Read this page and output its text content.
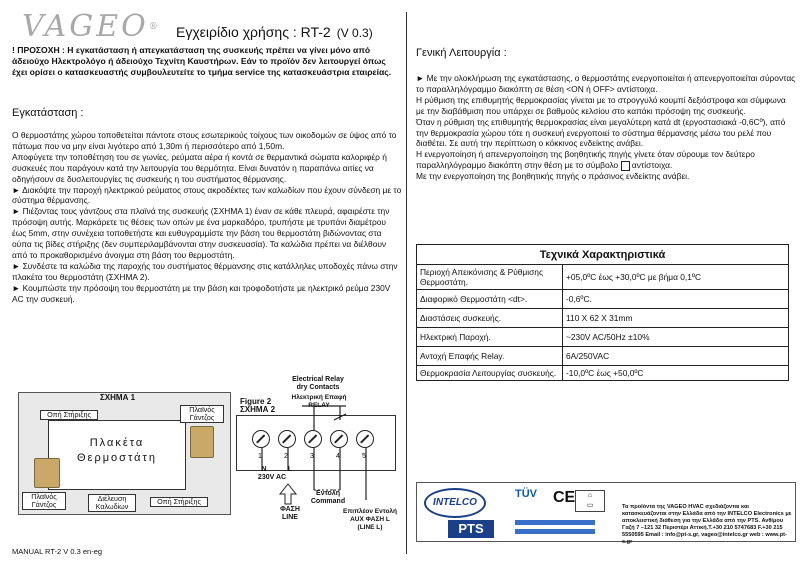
VAGEO® Εγχειρίδιο χρήσης : RT-2 (V 0.3)
! ΠΡΟΣΟΧΗ : Η εγκατάσταση ή απεγκατάσταση της συσκευής πρέπει να γίνει μόνο από άδειούχο Ηλεκτρολόγο ή άδειούχο Τεχνίτη Καυστήρων. Εάν το προϊόν δεν λειτουργεί όπως έχει ορίσει ο κατασκευαστής συμβουλευτείτε το τμήμα service της κατασκευάστρια εταιρείας.
Εγκατάσταση :

Ο θερμοστάτης χώρου τοποθετείται πάντοτε στους εσωτερικούς τοίχους των οικοδομών σε ύψος από το πάτωμα που να μην είναι λιγότερο από 1,30m ή περισσότερο από 1,50m.

Αποφύγετε την τοποθέτηση του σε γωνίες, ρεύματα αέρα ή κοντά σε θερμαντικά σώματα καλοριφέρ ή συσκευές που παράγουν κατά την λειτουργία του θερμότητα. Είναι δυνατόν η παραπάνω αιτίες να οδηγήσουν σε δυσλειτουργίες τις συσκευής η του συστήματος θέρμανσης.

► Διακόψτε την παροχή ηλεκτρικού ρεύματος στους ακροδέκτες των καλωδίων που έχουν σύνδεση με το σύστημα θέρμανσης.

► Πιέζοντας τους γάντζους στα πλαϊνά της συσκευής (ΣΧΗΜΑ 1) έναν σε κάθε πλευρά, αφαιρέστε την πρόσοψη αυτής. Μαρκάρετε τις θέσεις των οπών με ένα μαρκαδόρο, τρυπήστε με τρυπάνι διαμέτρου έως 5mm, στην συνέχεια τοποθετήστε και ευθυγραμμίστε την βάση του θερμοστάτη βιδώνοντας στα ούπα τις βίδες στήριξης (δεν συμπεριλαμβάνονται στην συσκευασία). Τα καλώδια πρέπει να διέλθουν από το προκαθορισμένο άνοιγμα στη βάση του θερμοστάτη.

► Συνδέστε τα καλώδια της παροχής του συστήματος θέρμανσης στις κατάλληλες υποδοχές πάνω στην πλακέτα του θερμοστάτη (ΣΧΗΜΑ 2).

► Κουμπώστε την πρόσοψη του θερμοστάτη με την βάση και τροφοδοτήστε με ηλεκτρικό ρεύμα 230V AC την συσκευή.

ΣΧΗΜΑ 1
Πλακέτα
Θερμοστάτη
Οπή Στήριξης
Οπή Στήριξης
Πλαϊνός Γάντζος
Πλαϊνός Γάντζος
Διέλευση Καλωδίων
Electrical Relay
dry Contacts
Ηλεκτρική Επαφή
RELAY
Figure 2
ΣΧΗΜΑ 2
1	2	3	4	5
N	L
230V AC
ΦΑΣΗ
LINE
Εντολή
Command
Επιπλέον Εντολή
AUX ΦΑΣΗ L
(LINE L)
Γενική Λειτουργία :

► Με την ολοκλήρωση της εγκατάστασης, ο θερμοστάτης ενεργοποιείται ή απενεργοποιείται σύροντας το παραλληλόγραμμο διακόπτη σε θέση <ON ή OFF> αντίστοιχα.

Η ρύθμιση της επιθυμητής θερμοκρασίας γίνεται με το στρογγυλό κουμπί δεξιόστροφα και σύμφωνα με την διαβάθμιση που υπάρχει σε βαθμούς κελσίου στο καπάκι πρόσοψη της συσκευής.

Όταν η ρύθμιση της επιθυμητής θερμοκρασίας είναι μεγαλύτερη κατά dt (εργοστασιακά -0,6Cº), από την θερμοκρασία χώρου τότε η συσκευή ενεργοποιεί το σύστημα θέρμανσης μέσω του ρελέ που διαθέτει. Σε αυτή την περίπτωση ο κόκκινος ενδείκτης ανάβει.

Η ενεργοποίηση ή απενεργοποίηση της βοηθητικής πηγής γίνετε όταν σύρουμε τον δεύτερο παραλληλόγραμμο διακόπτη στην θέση με το σύμβολο αντίστοιχα.

Με την ενεργοποίηση της βοηθητικής πηγής ο πράσινος ενδείκτης ανάβει.

Τεχνικά Χαρακτηριστικά	
Περιοχή Απεικόνισης & Ρύθμισης Θερμοστάτη.	+05,0ºC έως +30,0ºC με βήμα 0,1ºC
Διαφορικό Θερμοστάτη <dt>.	-0,6ºC.
Διαστάσεις συσκευής.	110 X 62 X 31mm
Ηλεκτρική Παροχή.	~230V AC/50Hz ±10%
Αντοχή Επαφής Relay.	6A/250VAC
Θερμοκρασία Λειτουργίας συσκευής.	-10,0ºC έως +50,0ºC
INTELCO
PTS
TÜV	CE	⌂
▭	Τα προϊόντα της VAGEO HVAC σχεδιάζονται και κατασκευάζονται στην Ελλάδα από την INTELCO Electronics με αποκλειστική διάθεση για την Ελλάδα από την PTS. Ανθίμου Γαζή 7 –121 32 Περιστέρι Αττική.T.+30 210 5747683 F.+30 215 5550595 Email : info@pt-s.gr, vageo@intelco.gr web : www.pt-s.gr
MANUAL RT-2 V 0.3 en-eg
